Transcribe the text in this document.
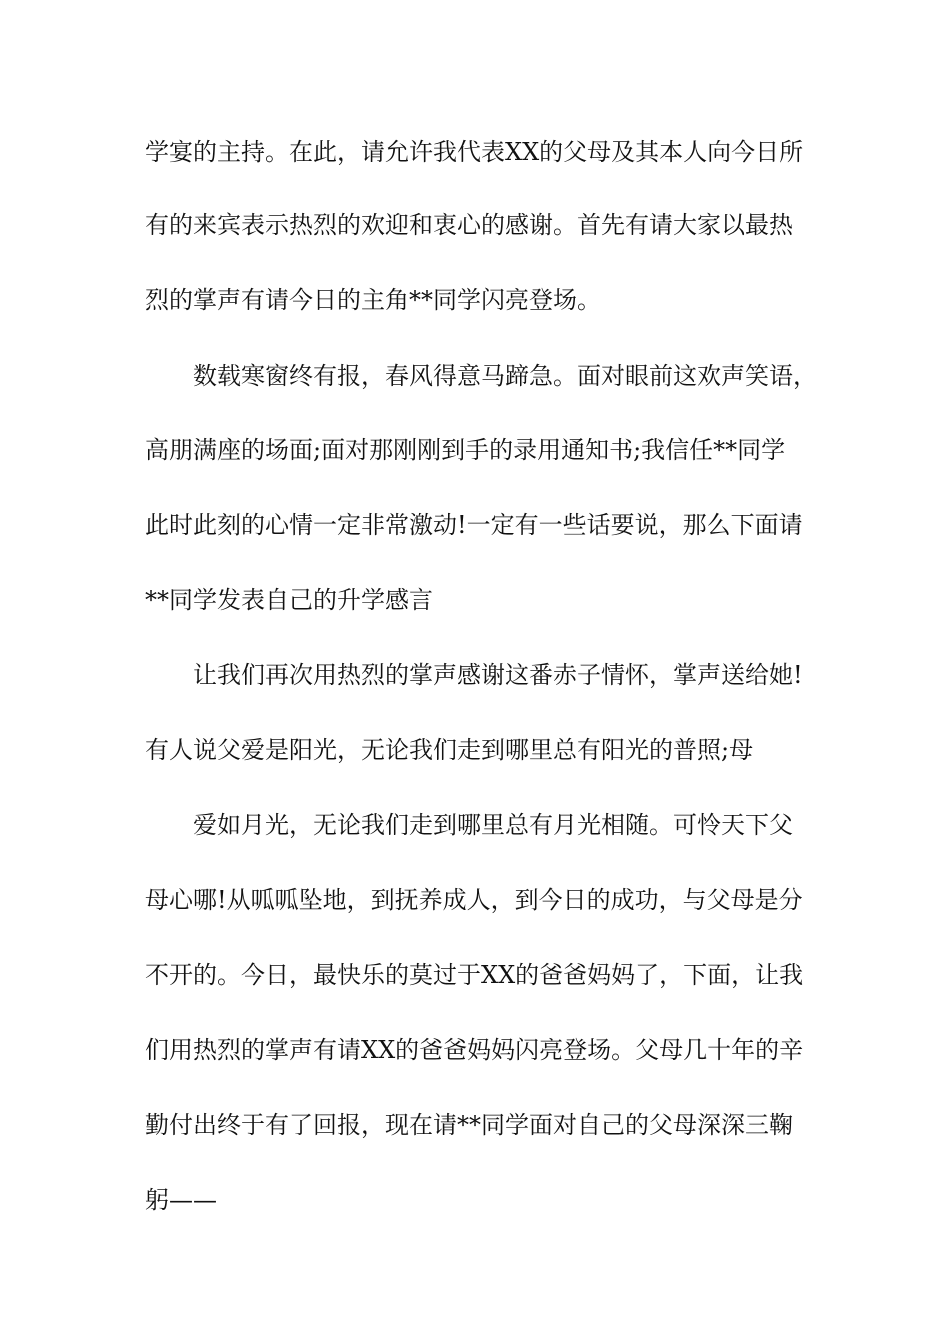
学宴的主持。在此，请允许我代表XX的父母及其本人向今日所
有的来宾表示热烈的欢迎和衷心的感谢。首先有请大家以最热
烈的掌声有请今日的主角**同学闪亮登场。
数载寒窗终有报，春风得意马蹄急。面对眼前这欢声笑语，
高朋满座的场面;面对那刚刚到手的录用通知书;我信任**同学
此时此刻的心情一定非常激动!一定有一些话要说，那么下面请
**同学发表自己的升学感言
让我们再次用热烈的掌声感谢这番赤子情怀，掌声送给她!
有人说父爱是阳光，无论我们走到哪里总有阳光的普照;母
爱如月光，无论我们走到哪里总有月光相随。可怜天下父
母心哪!从呱呱坠地，到抚养成人，到今日的成功，与父母是分
不开的。今日，最快乐的莫过于XX的爸爸妈妈了，下面，让我
们用热烈的掌声有请XX的爸爸妈妈闪亮登场。父母几十年的辛
勤付出终于有了回报，现在请**同学面对自己的父母深深三鞠
躬——
